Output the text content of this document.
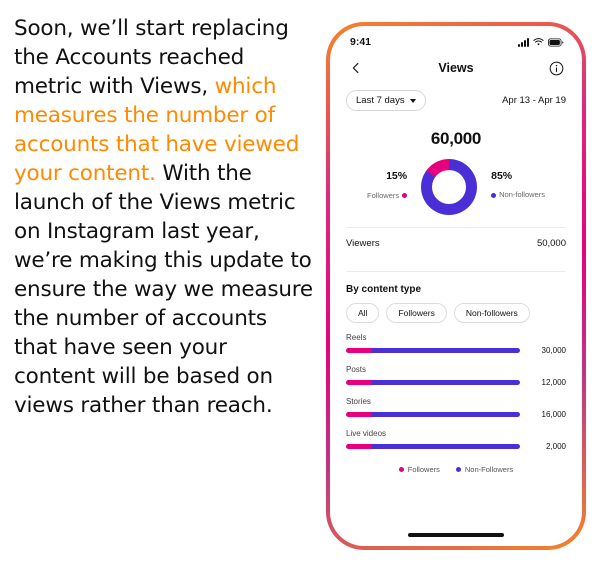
Soon, we’ll start replacing the Accounts reached metric with Views, which measures the number of accounts that have viewed your content. With the launch of the Views metric on Instagram last year, we’re making this update to ensure the way we measure the number of accounts that have seen your content will be based on views rather than reach.
9:41
Views
Last 7 days	Apr 13 - Apr 19
60,000
15%
Followers
85%
Non-followers
Viewers	50,000
By content type
All	Followers	Non-followers
Reels
30,000
Posts
12,000
Stories
16,000
Live videos
2,000
Followers	Non-Followers
